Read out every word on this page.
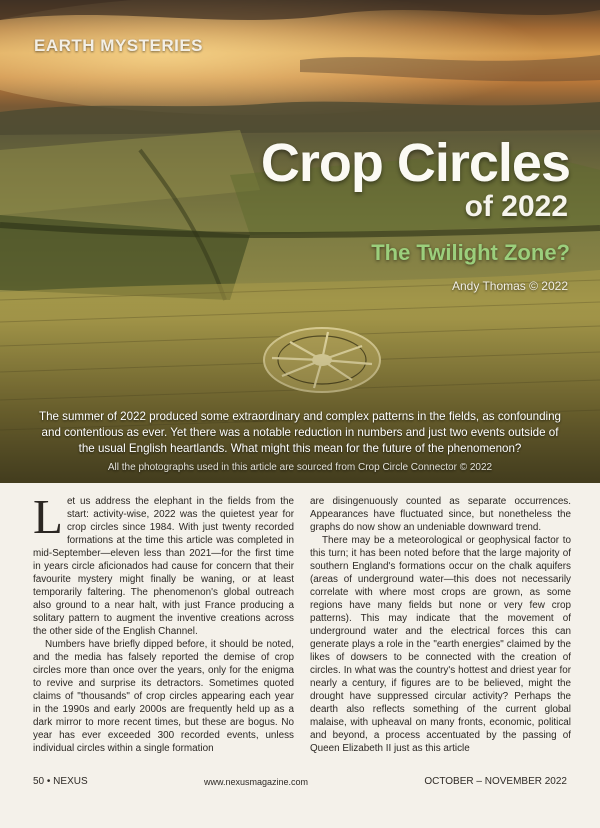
EARTH MYSTERIES
Crop Circles
of 2022
The Twilight Zone?

Andy Thomas © 2022

The summer of 2022 produced some extraordinary and complex patterns in the fields, as confounding and contentious as ever. Yet there was a notable reduction in numbers and just two events outside of the usual English heartlands. What might this mean for the future of the phenomenon?

All the photographs used in this article are sourced from Crop Circle Connector © 2022

Let us address the elephant in the fields from the start: activity-wise, 2022 was the quietest year for crop circles since 1984. With just twenty recorded formations at the time this article was completed in mid-September—eleven less than 2021—for the first time in years circle aficionados had cause for concern that their favourite mystery might finally be waning, or at least temporarily faltering. The phenomenon's global outreach also ground to a near halt, with just France producing a solitary pattern to augment the inventive creations across the other side of the English Channel.

Numbers have briefly dipped before, it should be noted, and the media has falsely reported the demise of crop circles more than once over the years, only for the enigma to revive and surprise its detractors. Sometimes quoted claims of "thousands" of crop circles appearing each year in the 1990s and early 2000s are frequently held up as a dark mirror to more recent times, but these are bogus. No year has ever exceeded 300 recorded events, unless individual circles within a single formation

are disingenuously counted as separate occurrences. Appearances have fluctuated since, but nonetheless the graphs do now show an undeniable downward trend.

There may be a meteorological or geophysical factor to this turn; it has been noted before that the large majority of southern England's formations occur on the chalk aquifers (areas of underground water—this does not necessarily correlate with where most crops are grown, as some regions have many fields but none or very few crop patterns). This may indicate that the movement of underground water and the electrical forces this can generate plays a role in the "earth energies" claimed by the likes of dowsers to be connected with the creation of circles. In what was the country's hottest and driest year for nearly a century, if figures are to be believed, might the drought have suppressed circular activity? Perhaps the dearth also reflects something of the current global malaise, with upheaval on many fronts, economic, political and beyond, a process accentuated by the passing of Queen Elizabeth II just as this article

50 • NEXUS	www.nexusmagazine.com	OCTOBER – NOVEMBER 2022
